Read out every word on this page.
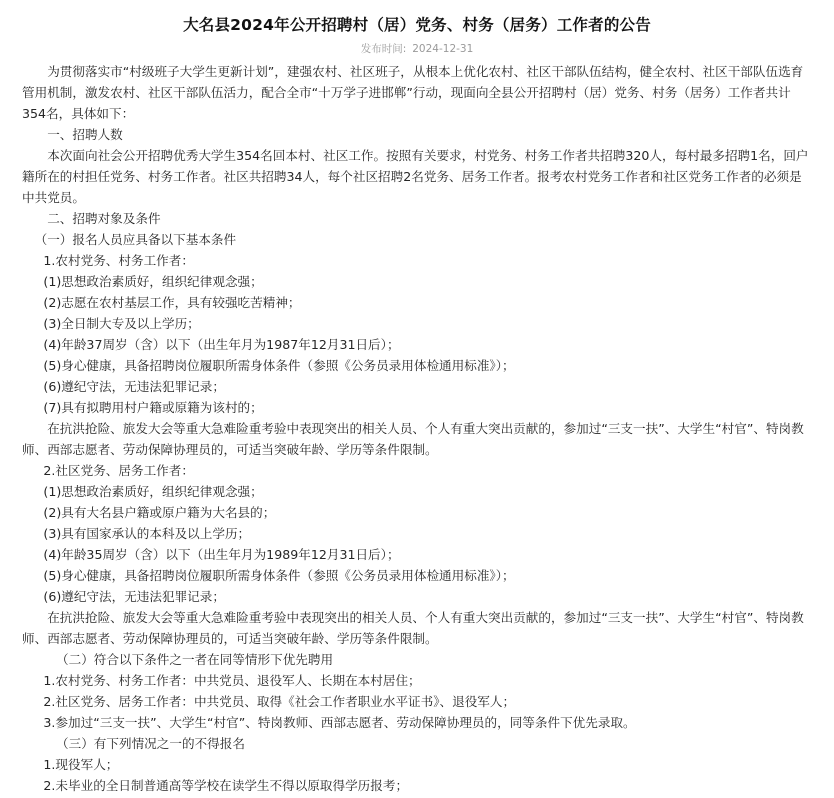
大名县2024年公开招聘村（居）党务、村务（居务）工作者的公告
发布时间: 2024-12-31

为贯彻落实市“村级班子大学生更新计划”，建强农村、社区班子，从根本上优化农村、社区干部队伍结构，健全农村、社区干部队伍选育管用机制，激发农村、社区干部队伍活力，配合全市“十万学子进邯郸”行动，现面向全县公开招聘村（居）党务、村务（居务）工作者共计354名，具体如下：

一、招聘人数

本次面向社会公开招聘优秀大学生354名回本村、社区工作。按照有关要求，村党务、村务工作者共招聘320人，每村最多招聘1名，回户籍所在的村担任党务、村务工作者。社区共招聘34人，每个社区招聘2名党务、居务工作者。报考农村党务工作者和社区党务工作者的必须是中共党员。

二、招聘对象及条件

（一）报名人员应具备以下基本条件

1.农村党务、村务工作者：

(1)思想政治素质好，组织纪律观念强；

(2)志愿在农村基层工作，具有较强吃苦精神；

(3)全日制大专及以上学历；

(4)年龄37周岁（含）以下（出生年月为1987年12月31日后）；

(5)身心健康，具备招聘岗位履职所需身体条件（参照《公务员录用体检通用标准》）；

(6)遵纪守法，无违法犯罪记录；

(7)具有拟聘用村户籍或原籍为该村的；

在抗洪抢险、旅发大会等重大急难险重考验中表现突出的相关人员、个人有重大突出贡献的，参加过“三支一扶”、大学生“村官”、特岗教师、西部志愿者、劳动保障协理员的，可适当突破年龄、学历等条件限制。

2.社区党务、居务工作者：

(1)思想政治素质好，组织纪律观念强；

(2)具有大名县户籍或原户籍为大名县的；

(3)具有国家承认的本科及以上学历；

(4)年龄35周岁（含）以下（出生年月为1989年12月31日后）；

(5)身心健康，具备招聘岗位履职所需身体条件（参照《公务员录用体检通用标准》）；

(6)遵纪守法，无违法犯罪记录；

在抗洪抢险、旅发大会等重大急难险重考验中表现突出的相关人员、个人有重大突出贡献的，参加过“三支一扶”、大学生“村官”、特岗教师、西部志愿者、劳动保障协理员的，可适当突破年龄、学历等条件限制。

（二）符合以下条件之一者在同等情形下优先聘用

1.农村党务、村务工作者：中共党员、退役军人、长期在本村居住；

2.社区党务、居务工作者：中共党员、取得《社会工作者职业水平证书》、退役军人；

3.参加过“三支一扶”、大学生“村官”、特岗教师、西部志愿者、劳动保障协理员的，同等条件下优先录取。

（三）有下列情况之一的不得报名

1.现役军人；

2.未毕业的全日制普通高等学校在读学生不得以原取得学历报考；
